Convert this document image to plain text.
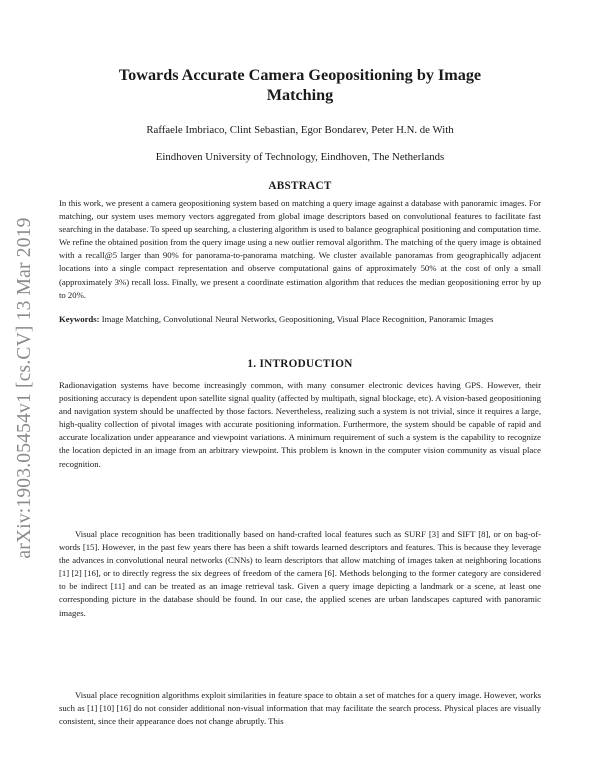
arXiv:1903.05454v1 [cs.CV] 13 Mar 2019
Towards Accurate Camera Geopositioning by Image Matching
Raffaele Imbriaco, Clint Sebastian, Egor Bondarev, Peter H.N. de With
Eindhoven University of Technology, Eindhoven, The Netherlands
ABSTRACT

In this work, we present a camera geopositioning system based on matching a query image against a database with panoramic images. For matching, our system uses memory vectors aggregated from global image descriptors based on convolutional features to facilitate fast searching in the database. To speed up searching, a clustering algorithm is used to balance geographical positioning and computation time. We refine the obtained position from the query image using a new outlier removal algorithm. The matching of the query image is obtained with a recall@5 larger than 90% for panorama-to-panorama matching. We cluster available panoramas from geographically adjacent locations into a single compact representation and observe computational gains of approximately 50% at the cost of only a small (approximately 3%) recall loss. Finally, we present a coordinate estimation algorithm that reduces the median geopositioning error by up to 20%.

Keywords: Image Matching, Convolutional Neural Networks, Geopositioning, Visual Place Recognition, Panoramic Images

1. INTRODUCTION

Radionavigation systems have become increasingly common, with many consumer electronic devices having GPS. However, their positioning accuracy is dependent upon satellite signal quality (affected by multipath, signal blockage, etc). A vision-based geopositioning and navigation system should be unaffected by those factors. Nevertheless, realizing such a system is not trivial, since it requires a large, high-quality collection of pivotal images with accurate positioning information. Furthermore, the system should be capable of rapid and accurate localization under appearance and viewpoint variations. A minimum requirement of such a system is the capability to recognize the location depicted in an image from an arbitrary viewpoint. This problem is known in the computer vision community as visual place recognition.

Visual place recognition has been traditionally based on hand-crafted local features such as SURF [3] and SIFT [8], or on bag-of-words [15]. However, in the past few years there has been a shift towards learned descriptors and features. This is because they leverage the advances in convolutional neural networks (CNNs) to learn descriptors that allow matching of images taken at neighboring locations [1] [2] [16], or to directly regress the six degrees of freedom of the camera [6]. Methods belonging to the former category are considered to be indirect [11] and can be treated as an image retrieval task. Given a query image depicting a landmark or a scene, at least one corresponding picture in the database should be found. In our case, the applied scenes are urban landscapes captured with panoramic images.

Visual place recognition algorithms exploit similarities in feature space to obtain a set of matches for a query image. However, works such as [1] [10] [16] do not consider additional non-visual information that may facilitate the search process. Physical places are visually consistent, since their appearance does not change abruptly. This
